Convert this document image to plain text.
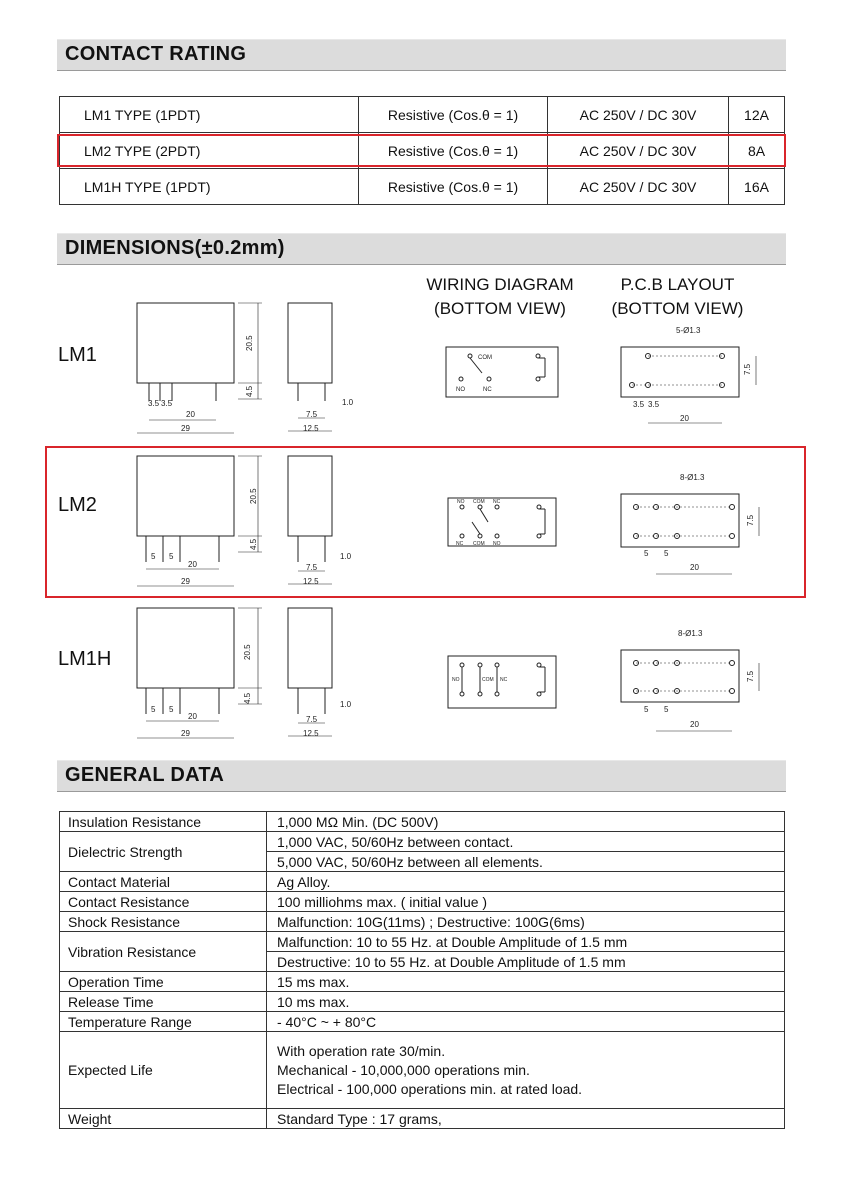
CONTACT RATING
LM1 TYPE (1PDT)	Resistive (Cos.θ = 1)	AC 250V / DC 30V	12A
LM2 TYPE (2PDT)	Resistive (Cos.θ = 1)	AC 250V / DC 30V	8A
LM1H TYPE (1PDT)	Resistive (Cos.θ = 1)	AC 250V / DC 30V	16A
DIMENSIONS(±0.2mm)
WIRING DIAGRAM
(BOTTOM VIEW)
P.C.B LAYOUT
(BOTTOM VIEW)
LM1
20.5
4.5
29
20
3.5 3.5
7.5
12.5
1.0
COM
NO	NC
5-Ø1.3
7.5
20
3.5 3.5
LM2	20.5
4.5
29
20
5 5
7.5
12.5
1.0
NO COM NC
NC COM NO
8-Ø1.3
7.5
20
5 5
LM1H	20.5
4.5
29
20
5 5
7.5
12.5
1.0
NO	COM NC
8-Ø1.3
7.5
20
5 5
GENERAL DATA
Insulation Resistance	1,000 MΩ Min. (DC 500V)
Dielectric Strength	1,000 VAC, 50/60Hz between contact.
	5,000 VAC, 50/60Hz between all elements.
Contact Material	Ag Alloy.
Contact Resistance	100 milliohms max. ( initial value )
Shock Resistance	Malfunction: 10G(11ms) ; Destructive: 100G(6ms)
Vibration Resistance	Malfunction: 10 to 55 Hz. at Double Amplitude of 1.5 mm
	Destructive: 10 to 55 Hz. at Double Amplitude of 1.5 mm
Operation Time	15 ms max.
Release Time	10 ms max.
Temperature Range	- 40°C ~ + 80°C
Expected Life	With operation rate 30/min.
Mechanical - 10,000,000 operations min.
Electrical - 100,000 operations min. at rated load.

Weight	Standard Type : 17 grams,
